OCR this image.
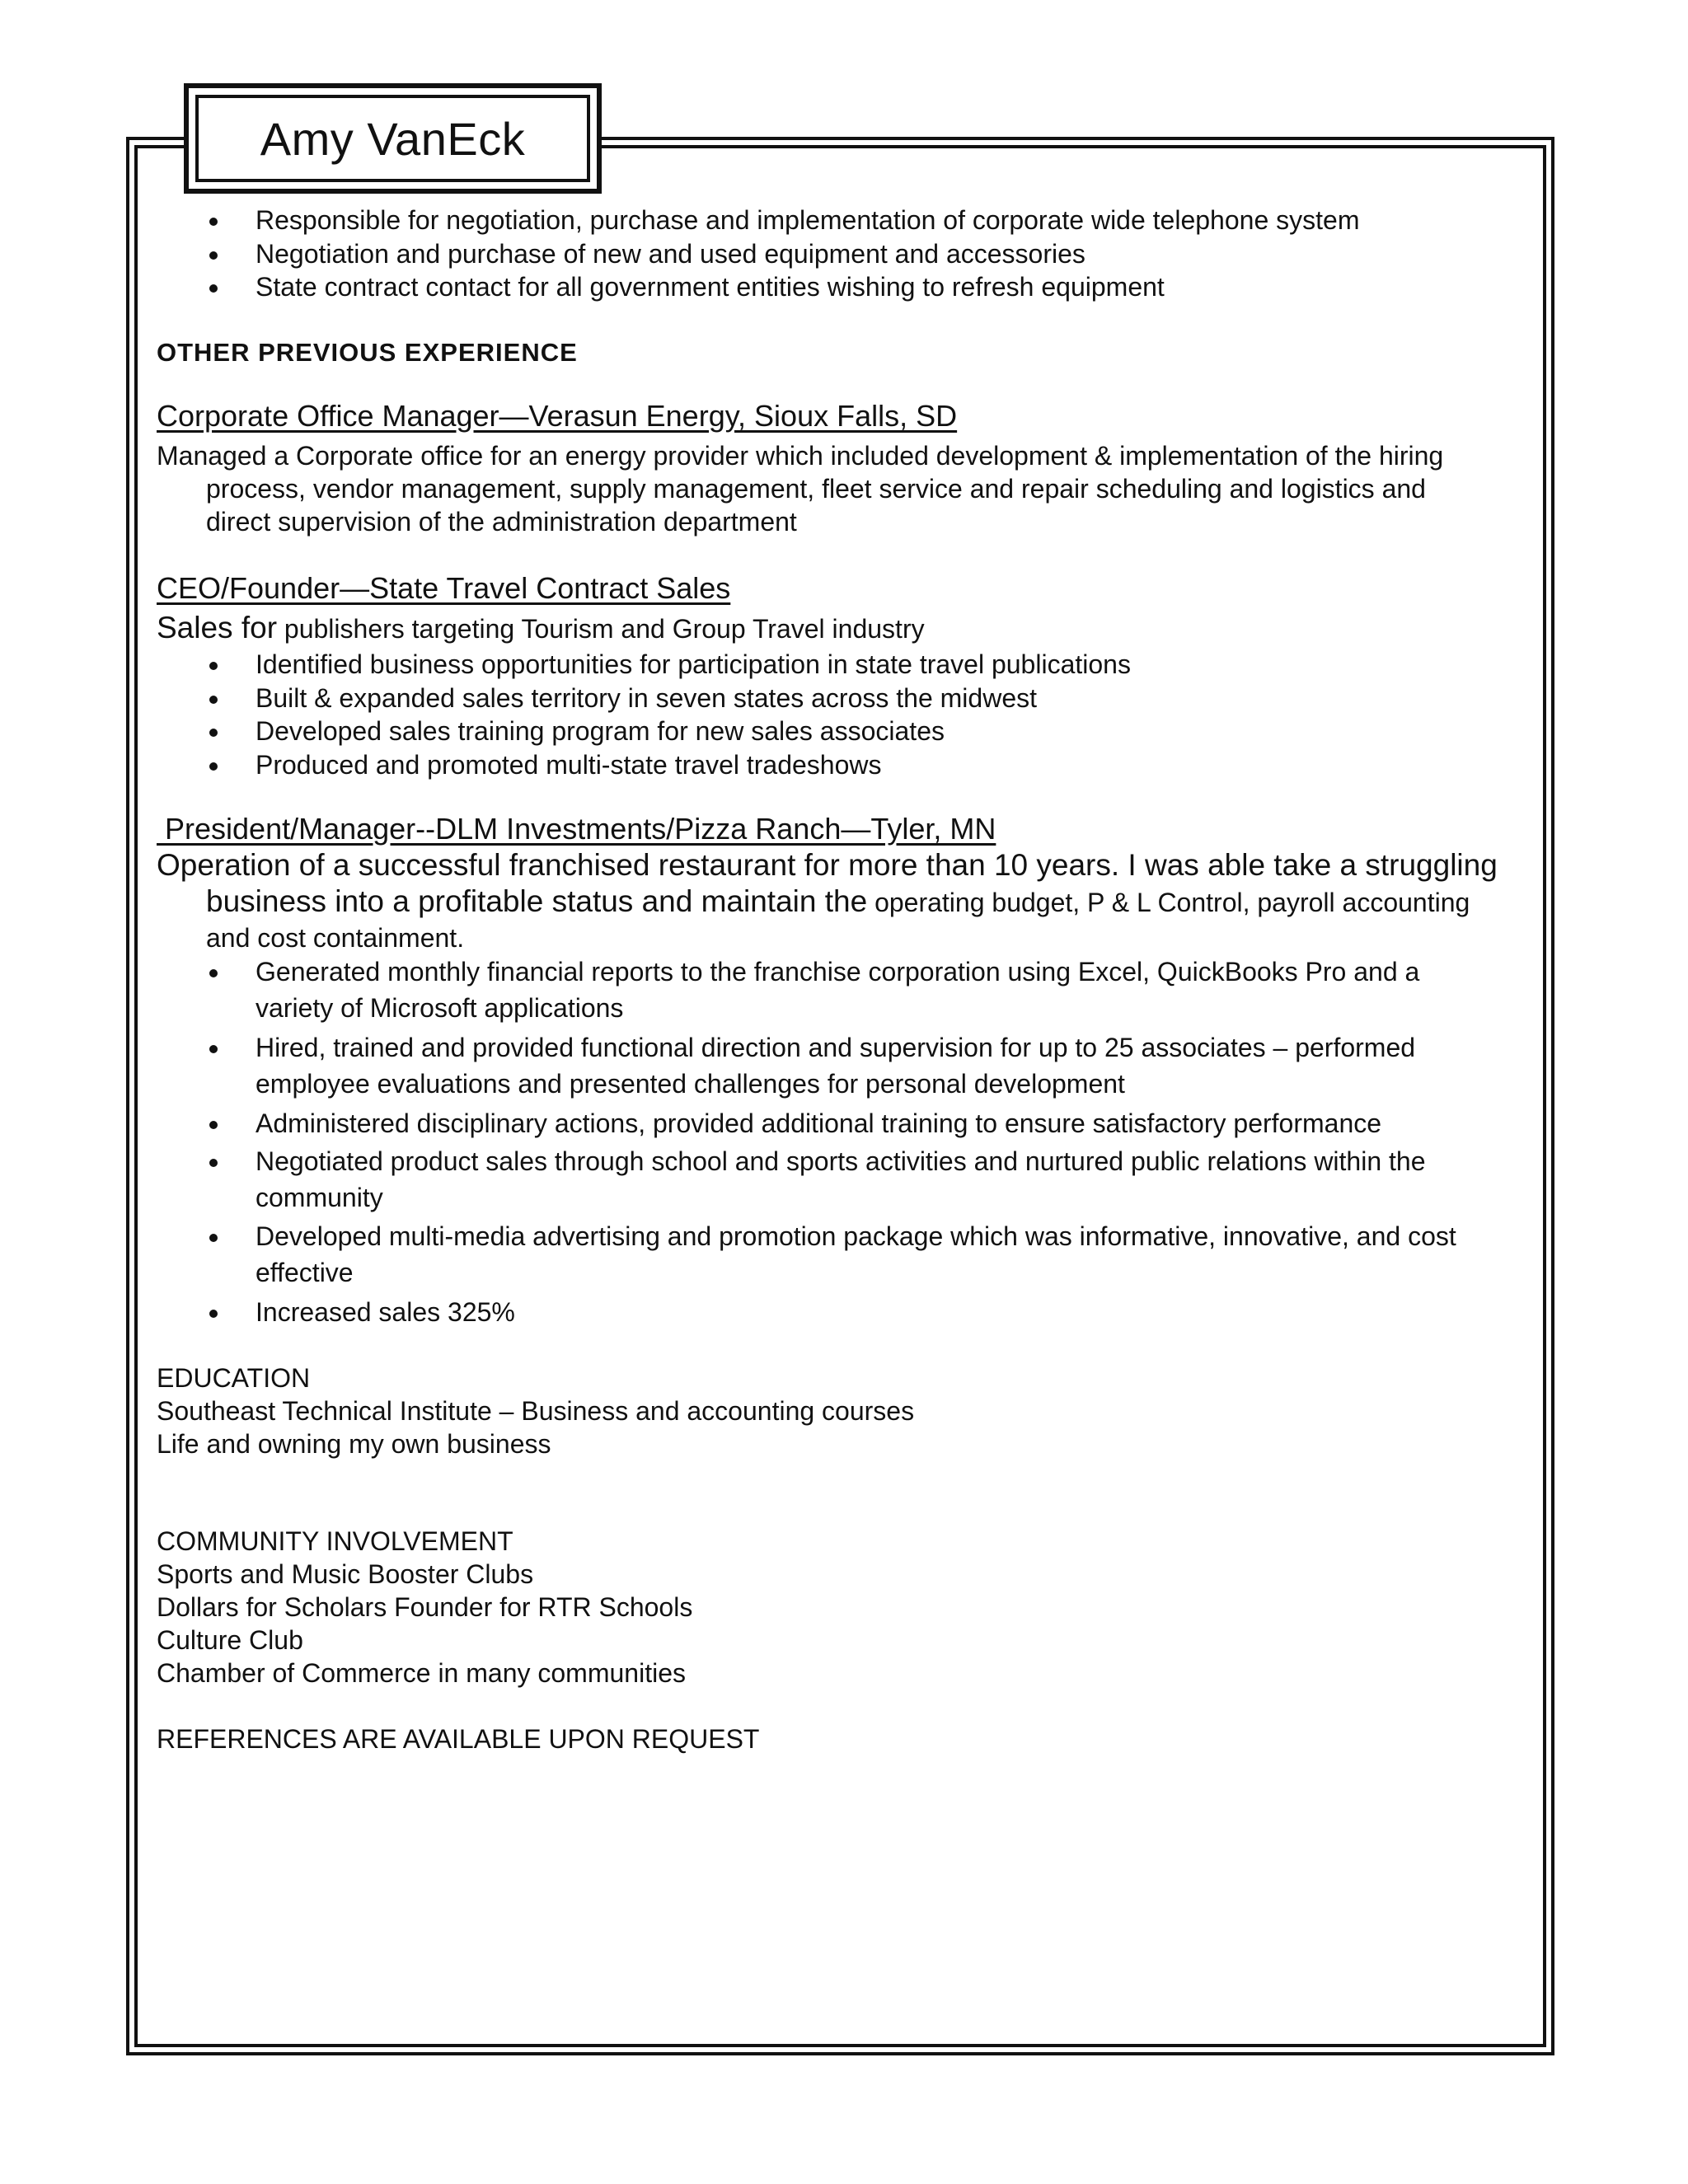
Amy VanEck
Responsible for negotiation, purchase and implementation of corporate wide telephone system
Negotiation and purchase of new and used equipment and accessories
State contract contact for all government entities wishing to refresh equipment
OTHER PREVIOUS EXPERIENCE
Corporate Office Manager—Verasun Energy, Sioux Falls, SD
Managed a Corporate office for an energy provider which included development & implementation of the hiring
process, vendor management, supply management, fleet service and repair scheduling and logistics and
direct supervision of the administration department
CEO/Founder—State Travel Contract Sales
Sales for publishers targeting Tourism and Group Travel industry
Identified business opportunities for participation in state travel publications
Built & expanded sales territory in seven states across the midwest
Developed sales training program for new sales associates
Produced and promoted multi-state travel tradeshows
President/Manager--DLM Investments/Pizza Ranch—Tyler, MN
Operation of a successful franchised restaurant for more than 10 years. I was able take a struggling
business into a profitable status and maintain the operating budget, P & L Control, payroll accounting
and cost containment.
Generated monthly financial reports to the franchise corporation using Excel, QuickBooks Pro and a
variety of Microsoft applications
Hired, trained and provided functional direction and supervision for up to 25 associates – performed
employee evaluations and presented challenges for personal development
Administered disciplinary actions, provided additional training to ensure satisfactory performance
Negotiated product sales through school and sports activities and nurtured public relations within the
community
Developed multi-media advertising and promotion package which was informative, innovative, and cost
effective
Increased sales 325%
EDUCATION
Southeast Technical Institute – Business and accounting courses
Life and owning my own business
COMMUNITY INVOLVEMENT
Sports and Music Booster Clubs
Dollars for Scholars Founder for RTR Schools
Culture Club
Chamber of Commerce in many communities
REFERENCES ARE AVAILABLE UPON REQUEST
